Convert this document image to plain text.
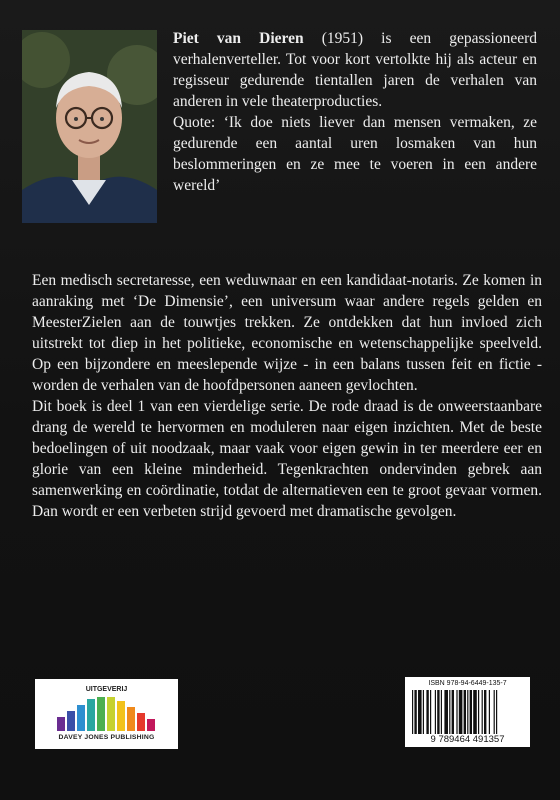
Piet van Dieren (1951) is een gepassioneerd verhalenverteller. Tot voor kort vertolkte hij als acteur en regisseur gedurende tientallen jaren de verhalen van anderen in vele theaterproducties.

Quote: ‘Ik doe niets liever dan mensen vermaken, ze gedurende een aantal uren losmaken van hun beslommeringen en ze mee te voeren in een andere wereld’

Een medisch secretaresse, een weduwnaar en een kandidaat-notaris. Ze komen in aanraking met ‘De Dimensie’, een universum waar andere regels gelden en MeesterZielen aan de touwtjes trekken. Ze ontdekken dat hun invloed zich uitstrekt tot diep in het politieke, economische en wetenschappelijke speelveld. Op een bijzondere en meeslepende wijze - in een balans tussen feit en fictie - worden de verhalen van de hoofdpersonen aaneen gevlochten.

Dit boek is deel 1 van een vierdelige serie. De rode draad is de onweerstaanbare drang de wereld te hervormen en moduleren naar eigen inzichten. Met de beste bedoelingen of uit noodzaak, maar vaak voor eigen gewin in ter meerdere eer en glorie van een kleine minderheid. Tegenkrachten ondervinden gebrek aan samenwerking en coördinatie, totdat de alternatieven een te groot gevaar vormen. Dan wordt er een verbeten strijd gevoerd met dramatische gevolgen.

UITGEVERIJ
DAVEY JONES PUBLISHING
ISBN 978-94-6449-135-7
9 789464 491357
